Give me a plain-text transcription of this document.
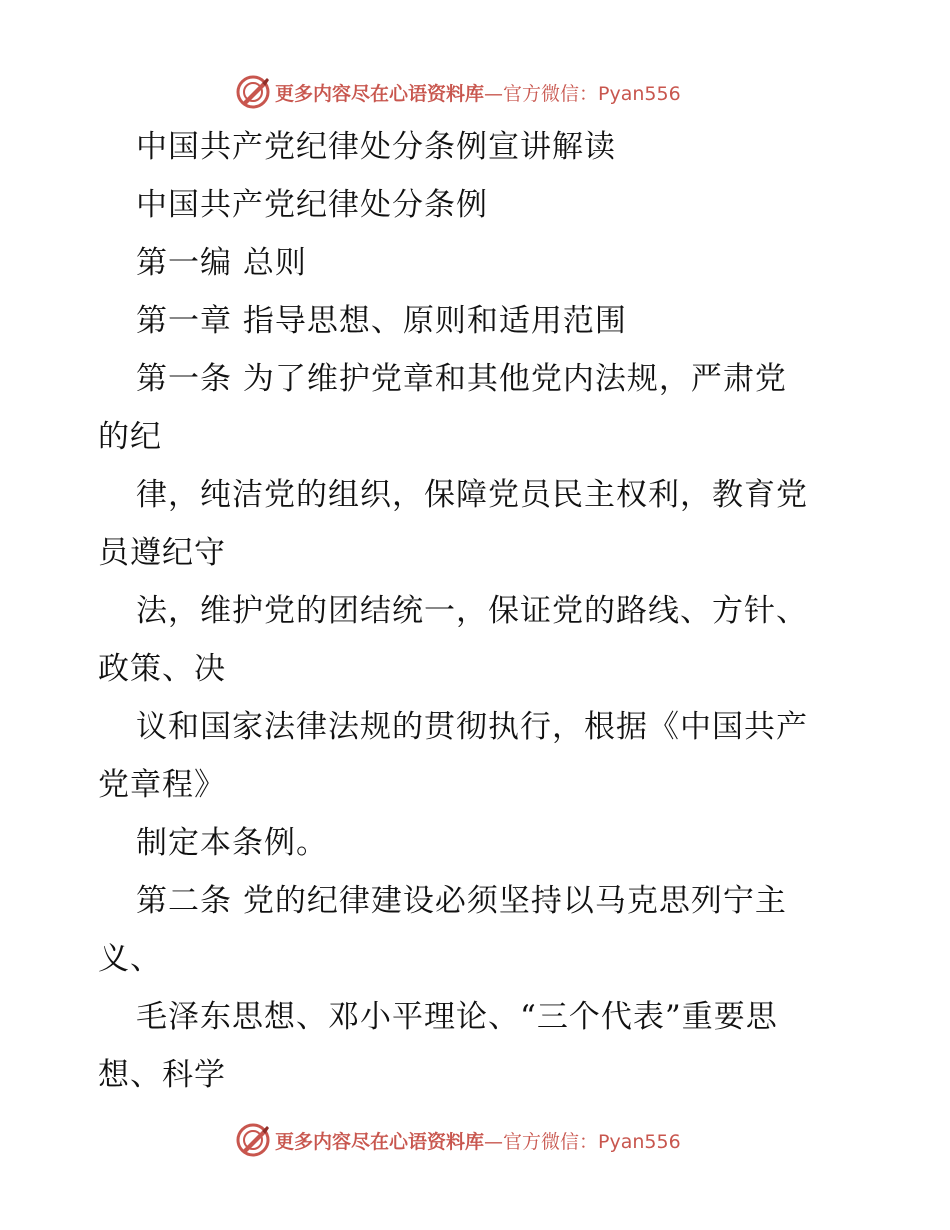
更多内容尽在心语资料库 —官方微信：Pyan556
中国共产党纪律处分条例宣讲解读
中国共产党纪律处分条例
第一编 总则
第一章 指导思想、原则和适用范围
第一条 为了维护党章和其他党内法规，严肃党
的纪
律，纯洁党的组织，保障党员民主权利，教育党
员遵纪守
法，维护党的团结统一，保证党的路线、方针、
政策、决
议和国家法律法规的贯彻执行，根据《中国共产
党章程》
制定本条例。
第二条 党的纪律建设必须坚持以马克思列宁主
义、
毛泽东思想、邓小平理论、“三个代表”重要思
想、科学
更多内容尽在心语资料库 —官方微信：Pyan556
